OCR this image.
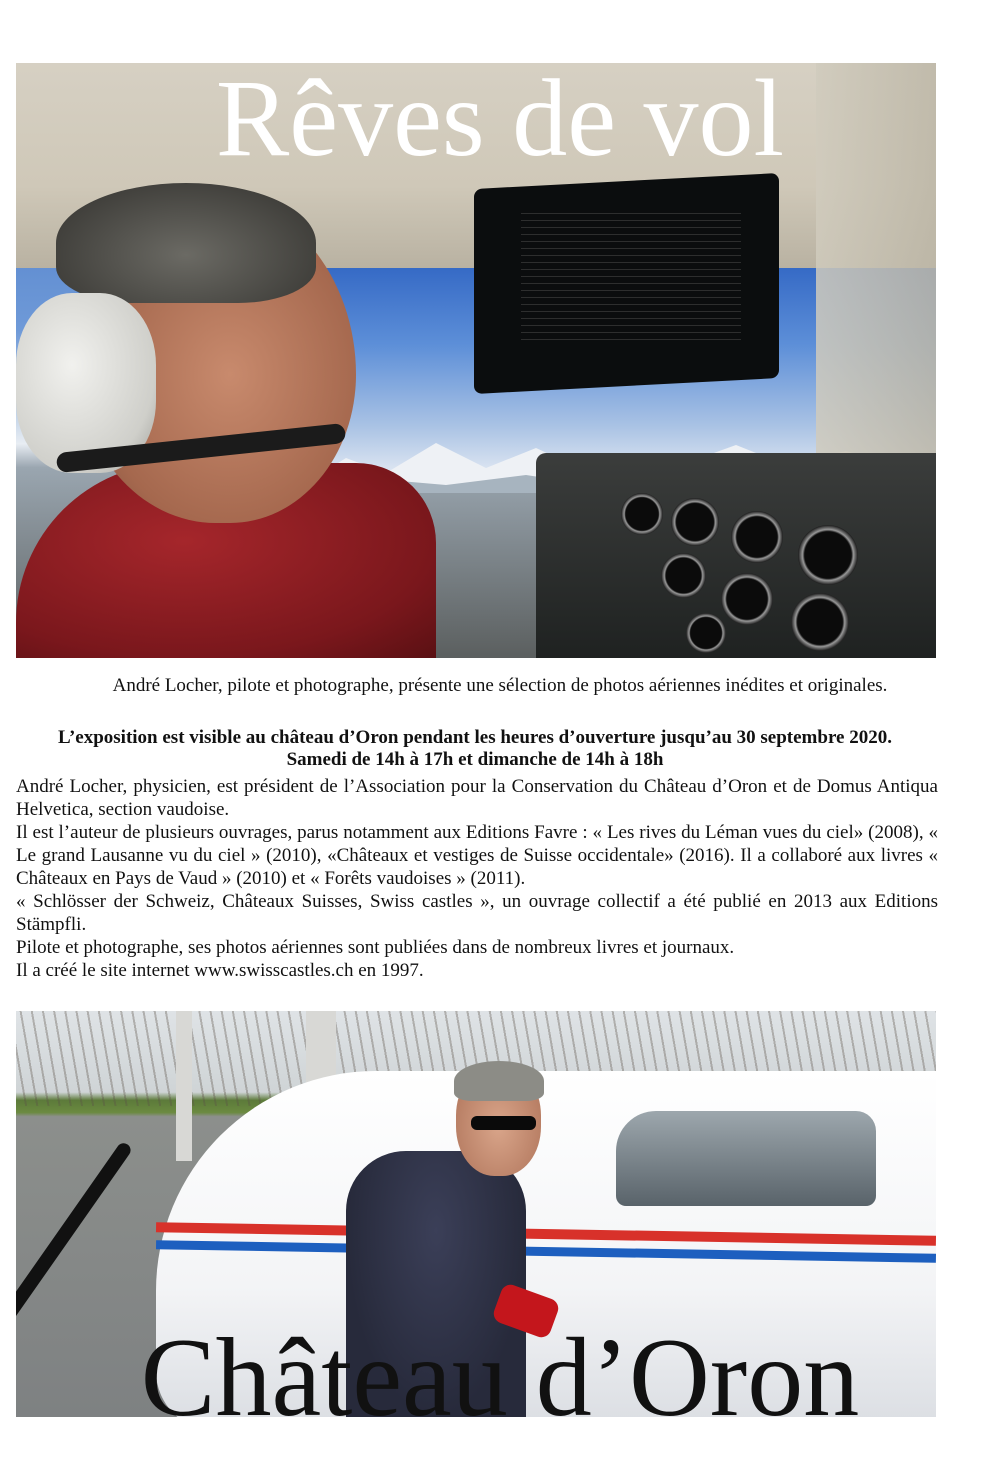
Rêves de vol

André Locher, pilote et photographe, présente une sélection de photos aériennes inédites et originales.

L’exposition est visible au château d’Oron pendant les heures d’ouverture jusqu’au 30 septembre 2020.
Samedi de 14h à 17h et dimanche de 14h à 18h

André Locher, physicien, est président de l’Association pour la Conservation du Château d’Oron et de Domus Antiqua Helvetica, section vaudoise.

Il est l’auteur de plusieurs ouvrages, parus notamment aux Editions Favre : « Les rives du Léman vues du ciel» (2008), « Le grand Lausanne vu du ciel » (2010), «Châteaux et vestiges de Suisse occidentale» (2016). Il a collaboré aux livres « Châteaux en Pays de Vaud » (2010) et « Forêts vaudoises » (2011).

« Schlösser der Schweiz, Châteaux Suisses, Swiss castles », un ouvrage collectif a été publié en 2013 aux Editions Stämpfli.

Pilote et photographe, ses photos aériennes sont publiées dans de nombreux livres et journaux.

Il a créé le site internet www.swisscastles.ch en 1997.

Château d’Oron
